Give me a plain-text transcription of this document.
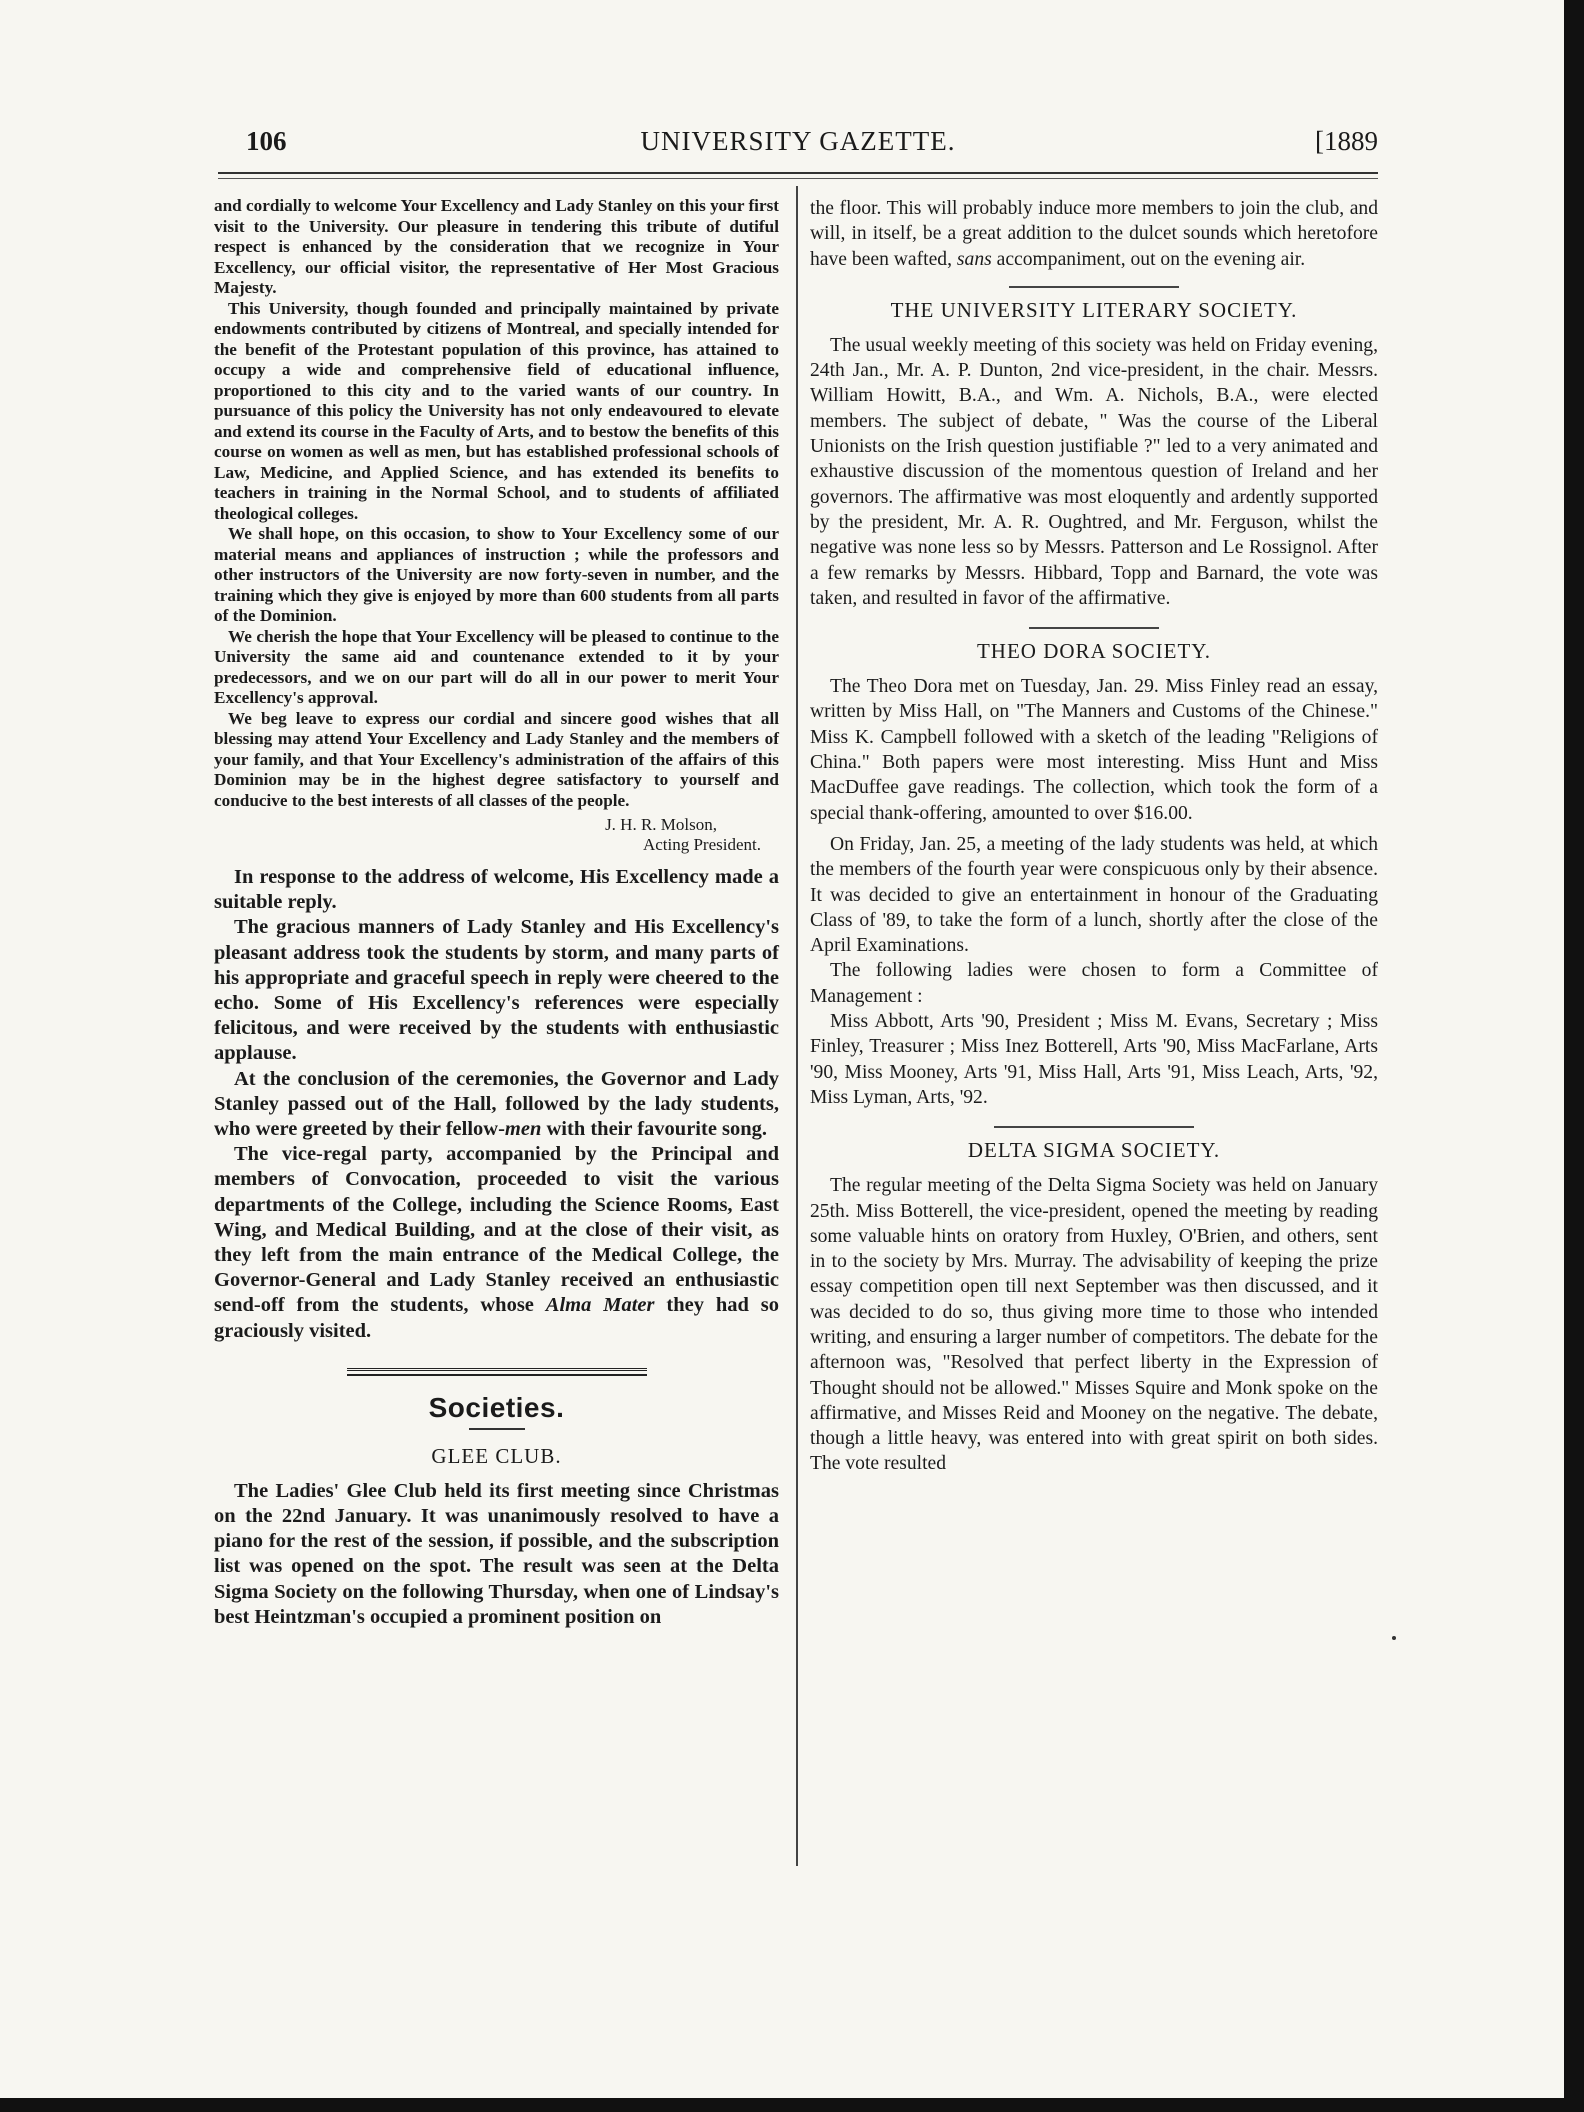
106	UNIVERSITY GAZETTE.	[1889

and cordially to welcome Your Excellency and Lady Stanley on this your first visit to the University. Our pleasure in tendering this tribute of dutiful respect is enhanced by the consideration that we recognize in Your Excellency, our official visitor, the representative of Her Most Gracious Majesty.

This University, though founded and principally maintained by private endowments contributed by citizens of Montreal, and specially intended for the benefit of the Protestant population of this province, has attained to occupy a wide and comprehensive field of educational influence, proportioned to this city and to the varied wants of our country. In pursuance of this policy the University has not only endeavoured to elevate and extend its course in the Faculty of Arts, and to bestow the benefits of this course on women as well as men, but has established professional schools of Law, Medicine, and Applied Science, and has extended its benefits to teachers in training in the Normal School, and to students of affiliated theological colleges.

We shall hope, on this occasion, to show to Your Excellency some of our material means and appliances of instruction ; while the professors and other instructors of the University are now forty-seven in number, and the training which they give is enjoyed by more than 600 students from all parts of the Dominion.

We cherish the hope that Your Excellency will be pleased to continue to the University the same aid and countenance extended to it by your predecessors, and we on our part will do all in our power to merit Your Excellency's approval.

We beg leave to express our cordial and sincere good wishes that all blessing may attend Your Excellency and Lady Stanley and the members of your family, and that Your Excellency's administration of the affairs of this Dominion may be in the highest degree satisfactory to yourself and conducive to the best interests of all classes of the people.

J. H. R. Molson,
Acting President.

In response to the address of welcome, His Excellency made a suitable reply.

The gracious manners of Lady Stanley and His Excellency's pleasant address took the students by storm, and many parts of his appropriate and graceful speech in reply were cheered to the echo. Some of His Excellency's references were especially felicitous, and were received by the students with enthusiastic applause.

At the conclusion of the ceremonies, the Governor and Lady Stanley passed out of the Hall, followed by the lady students, who were greeted by their fellow-men with their favourite song.

The vice-regal party, accompanied by the Principal and members of Convocation, proceeded to visit the various departments of the College, including the Science Rooms, East Wing, and Medical Building, and at the close of their visit, as they left from the main entrance of the Medical College, the Governor-General and Lady Stanley received an enthusiastic send-off from the students, whose Alma Mater they had so graciously visited.

Societies.
GLEE CLUB.

The Ladies' Glee Club held its first meeting since Christmas on the 22nd January. It was unanimously resolved to have a piano for the rest of the session, if possible, and the subscription list was opened on the spot. The result was seen at the Delta Sigma Society on the following Thursday, when one of Lindsay's best Heintzman's occupied a prominent position on

the floor. This will probably induce more members to join the club, and will, in itself, be a great addition to the dulcet sounds which heretofore have been wafted, sans accompaniment, out on the evening air.

THE UNIVERSITY LITERARY SOCIETY.

The usual weekly meeting of this society was held on Friday evening, 24th Jan., Mr. A. P. Dunton, 2nd vice-president, in the chair. Messrs. William Howitt, B.A., and Wm. A. Nichols, B.A., were elected members. The subject of debate, " Was the course of the Liberal Unionists on the Irish question justifiable ?" led to a very animated and exhaustive discussion of the momentous question of Ireland and her governors. The affirmative was most eloquently and ardently supported by the president, Mr. A. R. Oughtred, and Mr. Ferguson, whilst the negative was none less so by Messrs. Patterson and Le Rossignol. After a few remarks by Messrs. Hibbard, Topp and Barnard, the vote was taken, and resulted in favor of the affirmative.

THEO DORA SOCIETY.

The Theo Dora met on Tuesday, Jan. 29. Miss Finley read an essay, written by Miss Hall, on "The Manners and Customs of the Chinese." Miss K. Campbell followed with a sketch of the leading "Religions of China." Both papers were most interesting. Miss Hunt and Miss MacDuffee gave readings. The collection, which took the form of a special thank-offering, amounted to over $16.00.

On Friday, Jan. 25, a meeting of the lady students was held, at which the members of the fourth year were conspicuous only by their absence. It was decided to give an entertainment in honour of the Graduating Class of '89, to take the form of a lunch, shortly after the close of the April Examinations.

The following ladies were chosen to form a Committee of Management :

Miss Abbott, Arts '90, President ; Miss M. Evans, Secretary ; Miss Finley, Treasurer ; Miss Inez Botterell, Arts '90, Miss MacFarlane, Arts '90, Miss Mooney, Arts '91, Miss Hall, Arts '91, Miss Leach, Arts, '92, Miss Lyman, Arts, '92.

DELTA SIGMA SOCIETY.

The regular meeting of the Delta Sigma Society was held on January 25th. Miss Botterell, the vice-president, opened the meeting by reading some valuable hints on oratory from Huxley, O'Brien, and others, sent in to the society by Mrs. Murray. The advisability of keeping the prize essay competition open till next September was then discussed, and it was decided to do so, thus giving more time to those who intended writing, and ensuring a larger number of competitors. The debate for the afternoon was, "Resolved that perfect liberty in the Expression of Thought should not be allowed." Misses Squire and Monk spoke on the affirmative, and Misses Reid and Mooney on the negative. The debate, though a little heavy, was entered into with great spirit on both sides. The vote resulted
